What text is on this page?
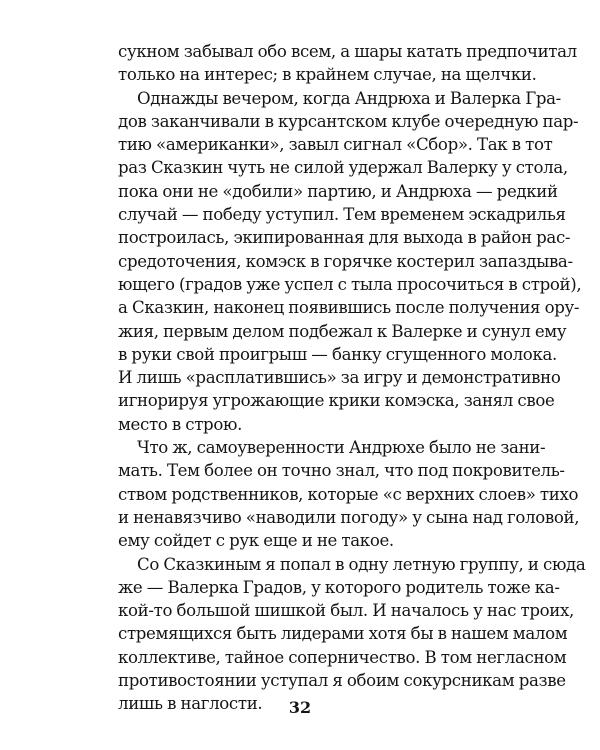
сукном забывал обо всем, а шары катать предпочитал
только на интерес; в крайнем случае, на щелчки.
Однажды вечером, когда Андрюха и Валерка Гра-
дов заканчивали в курсантском клубе очередную пар-
тию «американки», завыл сигнал «Сбор». Так в тот
раз Сказкин чуть не силой удержал Валерку у стола,
пока они не «добили» партию, и Андрюха — редкий
случай — победу уступил. Тем временем эскадрилья
построилась, экипированная для выхода в район рас-
средоточения, комэск в горячке костерил запаздыва-
ющего (градов уже успел с тыла просочиться в строй),
а Сказкин, наконец появившись после получения ору-
жия, первым делом подбежал к Валерке и сунул ему
в руки свой проигрыш — банку сгущенного молока.
И лишь «расплатившись» за игру и демонстративно
игнорируя угрожающие крики комэска, занял свое
место в строю.
Что ж, самоуверенности Андрюхе было не зани-
мать. Тем более он точно знал, что под покровитель-
ством родственников, которые «с верхних слоев» тихо
и ненавязчиво «наводили погоду» у сына над головой,
ему сойдет с рук еще и не такое.
Со Сказкиным я попал в одну летную группу, и сюда
же — Валерка Градов, у которого родитель тоже ка-
кой-то большой шишкой был. И началось у нас троих,
стремящихся быть лидерами хотя бы в нашем малом
коллективе, тайное соперничество. В том негласном
противостоянии уступал я обоим сокурсникам разве
лишь в наглости.	32
